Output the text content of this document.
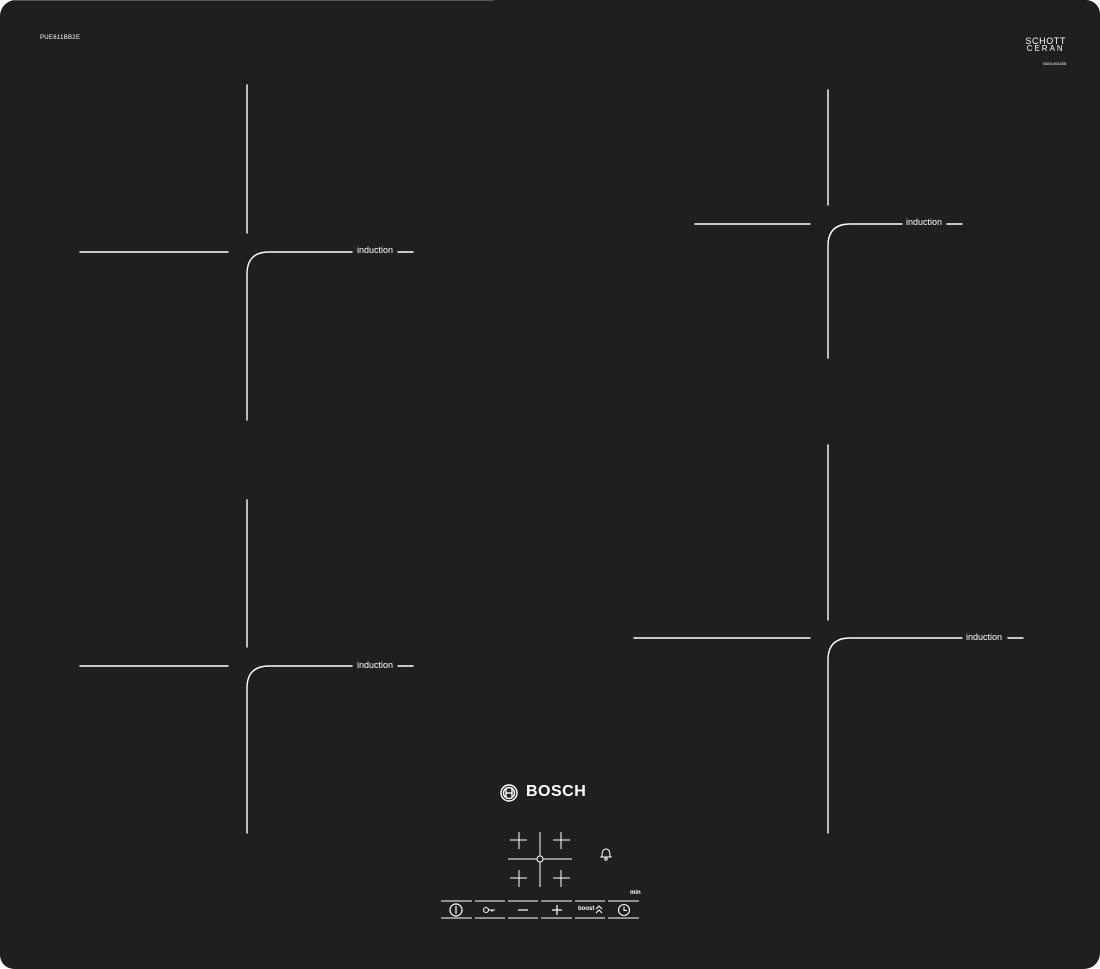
PUE611BB2E	SCHOTT
CERAN
B001402285
induction
induction
induction
induction
BOSCH
boost
min
